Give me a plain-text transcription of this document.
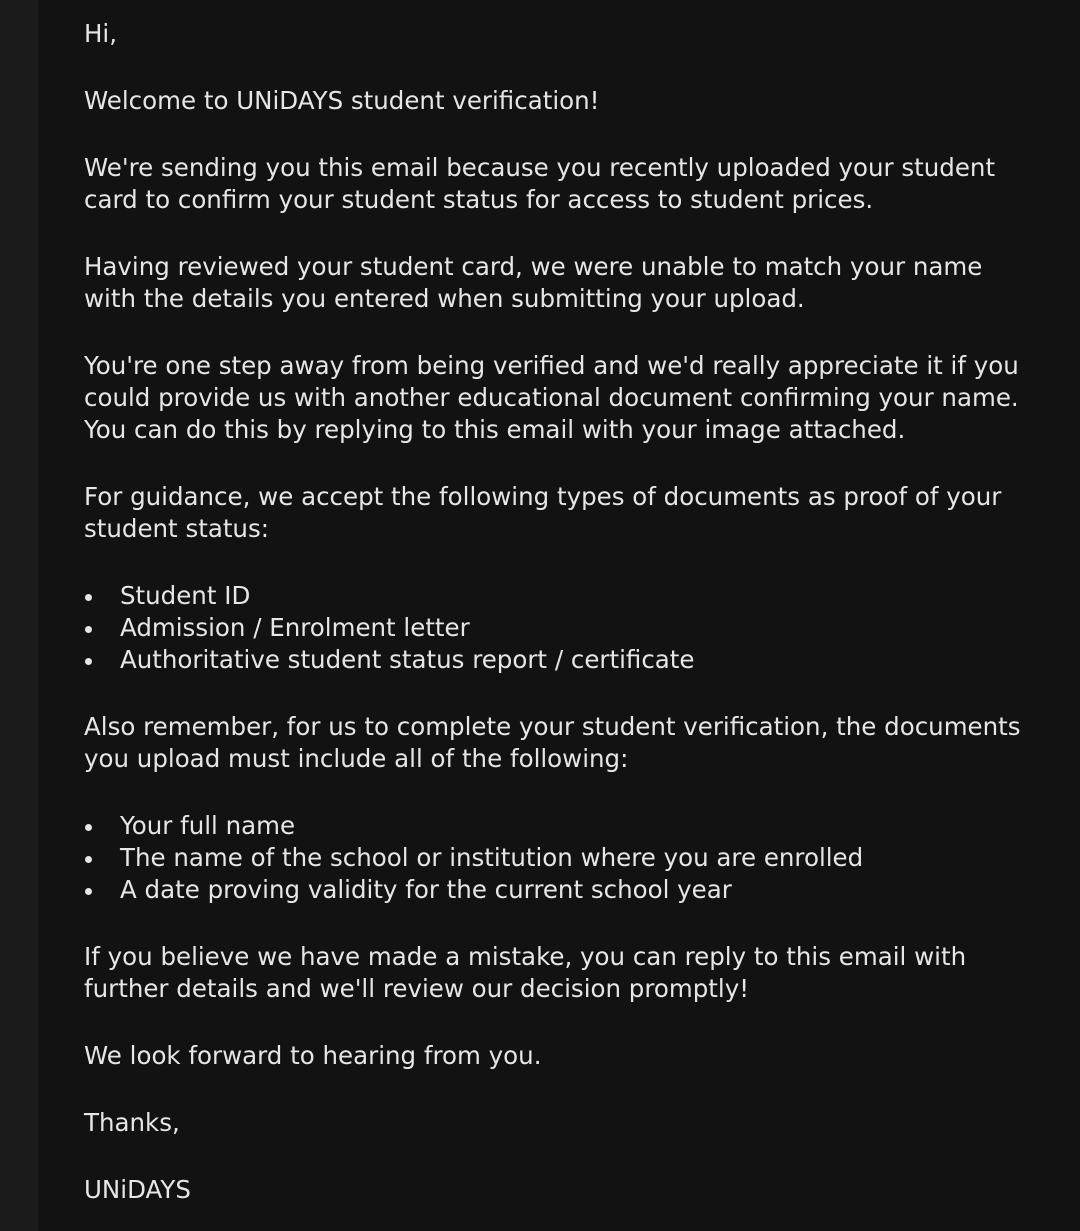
Hi,

Welcome to UNiDAYS student verification!

We're sending you this email because you recently uploaded your student
card to confirm your student status for access to student prices.

Having reviewed your student card, we were unable to match your name
with the details you entered when submitting your upload.

You're one step away from being verified and we'd really appreciate it if you
could provide us with another educational document confirming your name.
You can do this by replying to this email with your image attached.

For guidance, we accept the following types of documents as proof of your
student status:

Student ID
Admission / Enrolment letter
Authoritative student status report / certificate

Also remember, for us to complete your student verification, the documents
you upload must include all of the following:

Your full name
The name of the school or institution where you are enrolled
A date proving validity for the current school year

If you believe we have made a mistake, you can reply to this email with
further details and we'll review our decision promptly!

We look forward to hearing from you.

Thanks,

UNiDAYS
